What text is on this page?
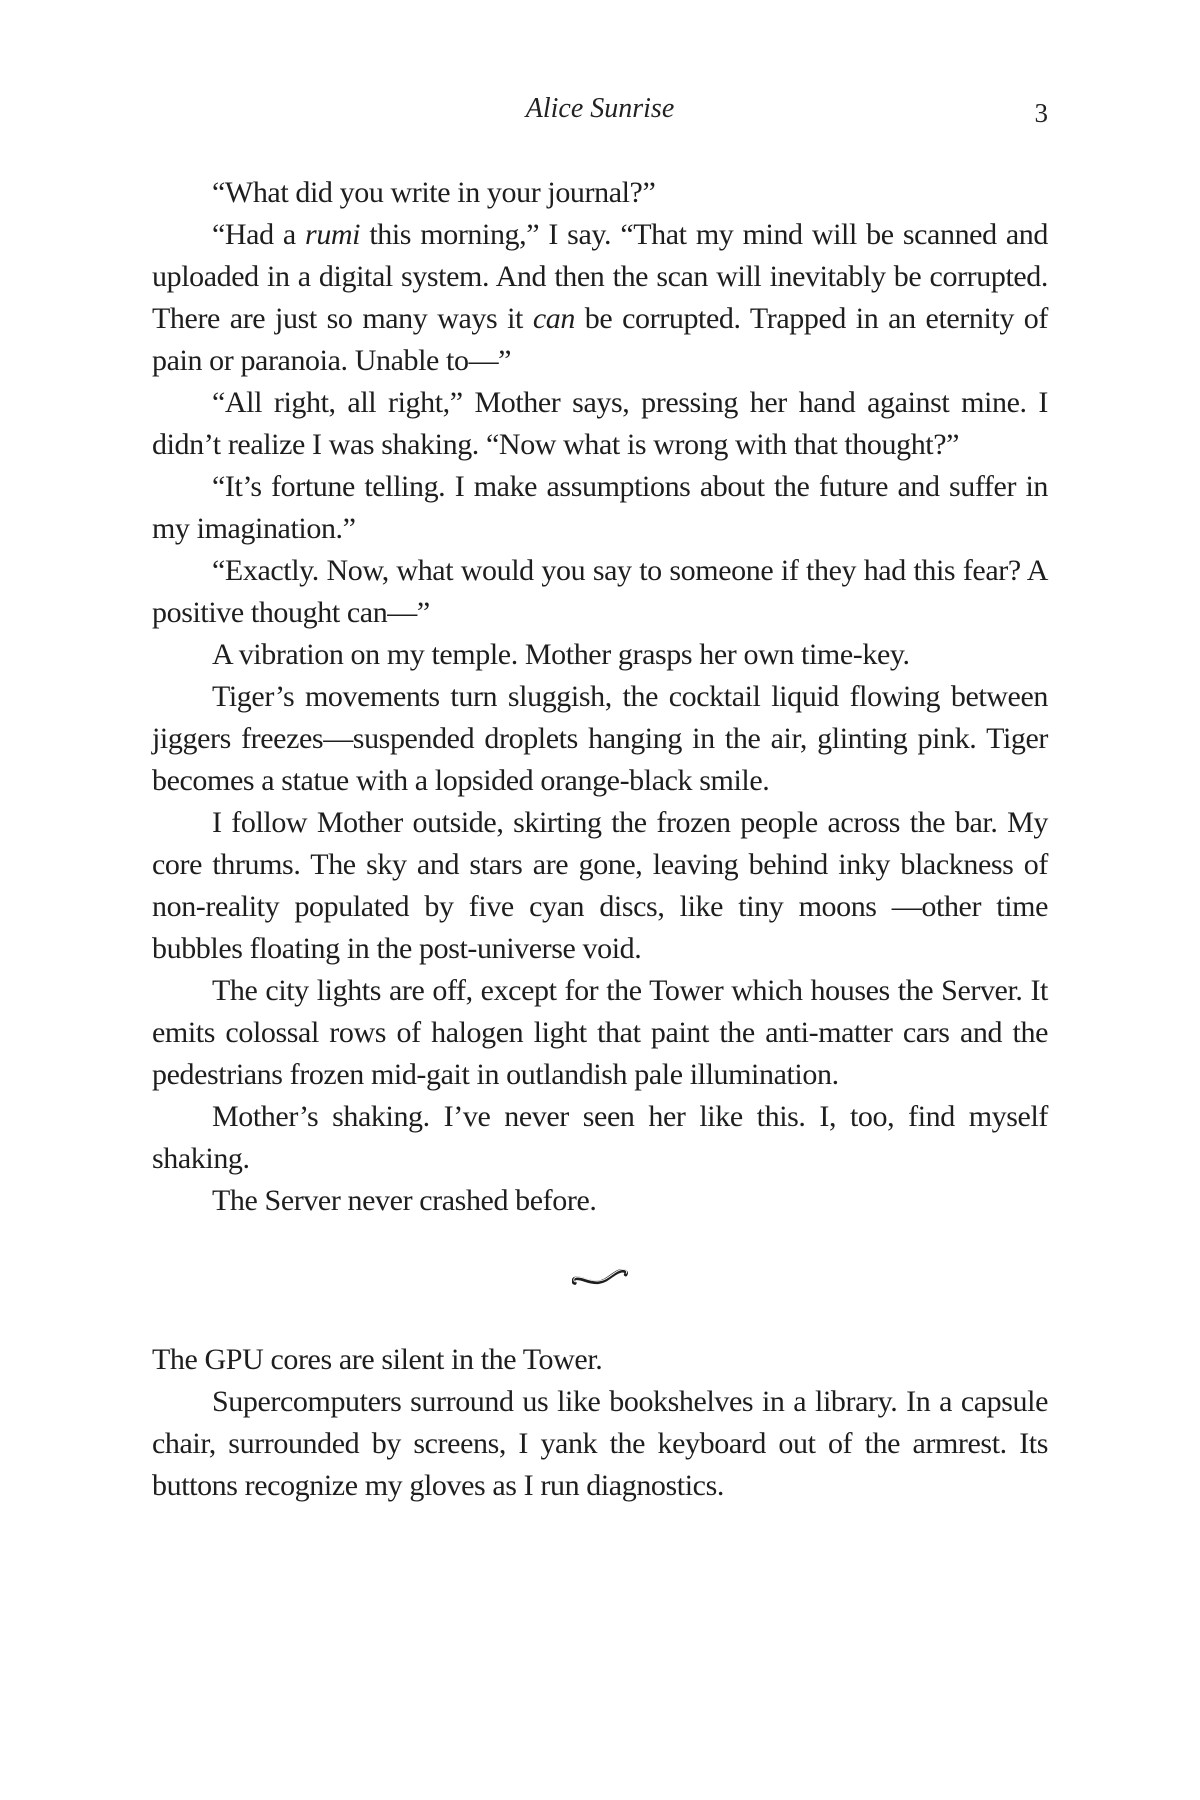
Alice Sunrise	3

“What did you write in your journal?”

“Had a rumi this morning,” I say. “That my mind will be scanned and uploaded in a digital system. And then the scan will inevitably be corrupted. There are just so many ways it can be corrupted. Trapped in an eternity of pain or paranoia. Unable to—”

“All right, all right,” Mother says, pressing her hand against mine. I didn’t realize I was shaking. “Now what is wrong with that thought?”

“It’s fortune telling. I make assumptions about the future and suffer in my imagination.”

“Exactly. Now, what would you say to someone if they had this fear? A positive thought can—”

A vibration on my temple. Mother grasps her own time-key.

Tiger’s movements turn sluggish, the cocktail liquid flowing between jiggers freezes—suspended droplets hanging in the air, glinting pink. Tiger becomes a statue with a lopsided orange-black smile.

I follow Mother outside, skirting the frozen people across the bar. My core thrums. The sky and stars are gone, leaving behind inky blackness of non-reality populated by five cyan discs, like tiny moons —other time bubbles floating in the post-universe void.

The city lights are off, except for the Tower which houses the Server. It emits colossal rows of halogen light that paint the anti-matter cars and the pedestrians frozen mid-gait in outlandish pale illumination.

Mother’s shaking. I’ve never seen her like this. I, too, find myself shaking.

The Server never crashed before.

The GPU cores are silent in the Tower.

Supercomputers surround us like bookshelves in a library. In a capsule chair, surrounded by screens, I yank the keyboard out of the armrest. Its buttons recognize my gloves as I run diagnostics.
